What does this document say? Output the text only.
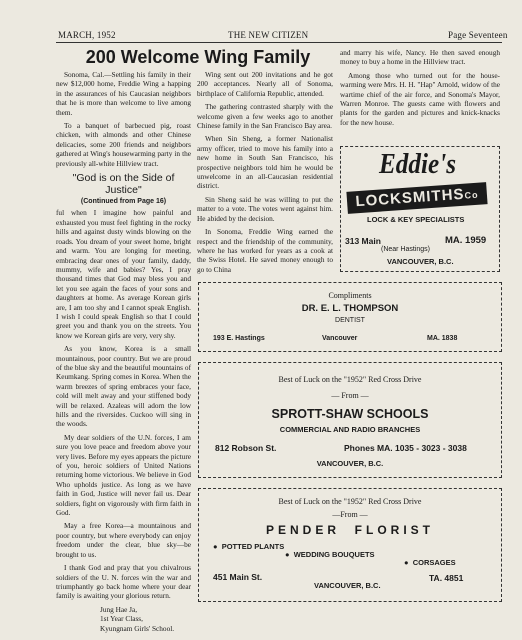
MARCH, 1952	THE NEW CITIZEN	Page Seventeen
200 Welcome Wing Family

Sonoma, Cal.—Settling his family in their new $12,000 home, Freddie Wing a happing in the assurances of his Caucasian neighbors that he is more than welcome to live among them.

To a banquet of barbecued pig, roast chicken, with almonds and other Chinese delicacies, some 200 friends and neighbors gathered at Wing's housewarming party in the previously all-white Hillview tract.

"God is on the Side of Justice"
(Continued from Page 16)

ful when I imagine how painful and exhausted you must feel fighting in the rocky hills and against dusty winds blowing on the roads. You dream of your sweet home, bright and warm. You are longing for meeting, embracing dear ones of your family, daddy, mummy, wife and babies? Yes, I pray thousand times that God may bless you and let you see again the faces of your sons and daughters at home. As average Korean girls are, I am too shy and I cannot speak English. I wish I could speak English so that I could greet you and thank you on the streets. You know we Korean girls are very, very shy.

As you know, Korea is a small mountainous, poor country. But we are proud of the blue sky and the beautiful mountains of Keumkang. Spring comes in Korea. When the warm breezes of spring embraces your face, cold will melt away and your stiffened body will be relaxed. Azaleas will adorn the low hills and the riversides. Cuckoo will sing in the woods.

My dear soldiers of the U.N. forces, I am sure you love peace and freedom above your very lives. Before my eyes appears the picture of you, heroic soldiers of United Nations returning home victorious. We believe in God Who upholds justice. As long as we have faith in God, Justice will never fail us. Dear soldiers, fight on vigorously with firm faith in God.

May a free Korea—a mountainous and poor country, but where everybody can enjoy freedom under the clear, blue sky—be brought to us.

I thank God and pray that you chivalrous soldiers of the U. N. forces win the war and triumphantly go back home where your dear family is awaiting your glorious return.

Jung Hae Ja,
1st Year Class,
Kyungnam Girls' School.

Wing sent out 200 invitations and he got 200 acceptances. Nearly all of Sonoma, birthplace of California Republic, attended.

The gathering contrasted sharply with the welcome given a few weeks ago to another Chinese family in the San Francisco Bay area.

When Sin Sheng, a former Nationalist army officer, tried to move his family into a new home in South San Francisco, his prospective neighbors told him he would be unwelcome in an all-Caucasian residential district.

Sin Sheng said he was willing to put the matter to a vote. The votes went against him. He abided by the decision.

In Sonoma, Freddie Wing earned the respect and the friendship of the community, where he has worked for years as a cook at the Swiss Hotel. He saved money enough to go to China

and marry his wife, Nancy. He then saved enough money to buy a home in the Hillview tract.

Among those who turned out for the house-warming were Mrs. H. H. "Hap" Arnold, widow of the wartime chief of the air force, and Sonoma's Mayor, Warren Monroe. The guests came with flowers and plants for the garden and pictures and knick-knacks for the new house.

Eddie's
LOCKSMITHSCo
LOCK & KEY SPECIALISTS
313 Main	MA. 1959
(Near Hastings)
VANCOUVER, B.C.
Compliments
DR. E. L. THOMPSON
DENTIST
193 E. Hastings	Vancouver	MA. 1838
Best of Luck on the "1952" Red Cross Drive
— From —
SPROTT-SHAW SCHOOLS
COMMERCIAL AND RADIO BRANCHES
812 Robson St.	Phones MA. 1035 - 3023 - 3038
VANCOUVER, B.C.
Best of Luck on the "1952" Red Cross Drive
—From —
PENDER  FLORIST
● POTTED PLANTS
● WEDDING BOUQUETS
● CORSAGES
451 Main St.
VANCOUVER, B.C.
TA. 4851
